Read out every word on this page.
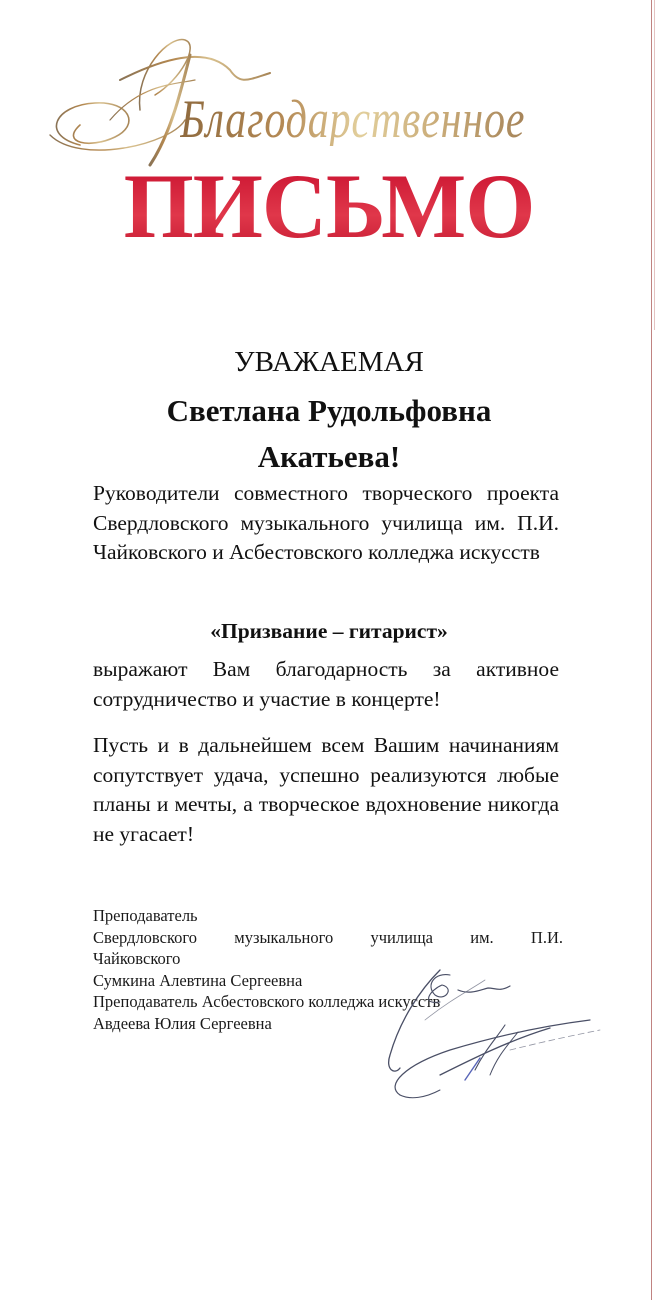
Благодарственное
ПИСЬМО
УВАЖАЕМАЯ
Светлана Рудольфовна
Акатьева!
Руководители совместного творческого проекта Свердловского музыкального училища им. П.И. Чайковского и Асбестовского колледжа искусств
«Призвание – гитарист»
выражают Вам благодарность за активное сотрудничество и участие в концерте!
Пусть и в дальнейшем всем Вашим начинаниям сопутствует удача, успешно реализуются любые планы и мечты, а творческое вдохновение никогда не угасает!
Преподаватель
Свердловского музыкального училища им. П.И.
Чайковского
Сумкина Алевтина Сергеевна
Преподаватель Асбестовского колледжа искусств
Авдеева Юлия Сергеевна
